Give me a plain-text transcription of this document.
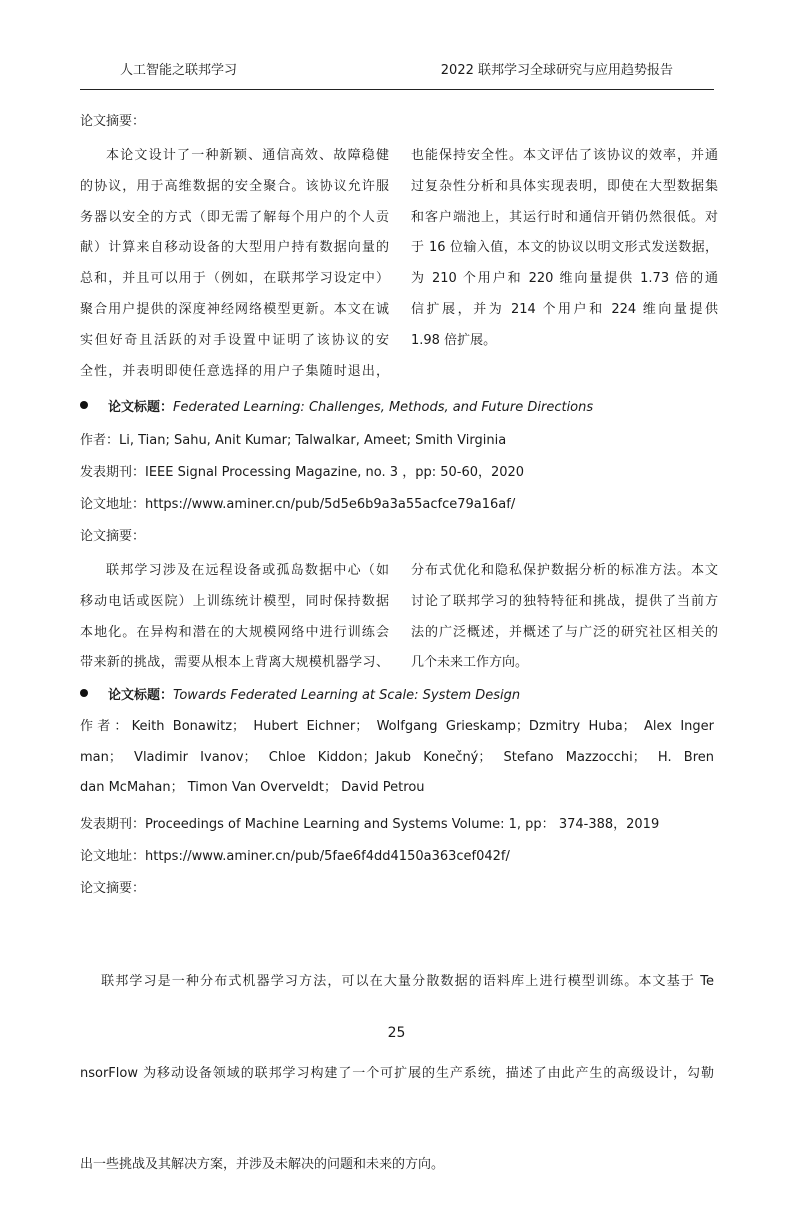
人工智能之联邦学习	2022 联邦学习全球研究与应用趋势报告
论文摘要：

本论文设计了一种新颖、通信高效、故障稳健

的协议，用于高维数据的安全聚合。该协议允许服

务器以安全的方式（即无需了解每个用户的个人贡

献）计算来自移动设备的大型用户持有数据向量的

总和，并且可以用于（例如，在联邦学习设定中）

聚合用户提供的深度神经网络模型更新。本文在诚

实但好奇且活跃的对手设置中证明了该协议的安

全性，并表明即使任意选择的用户子集随时退出，

也能保持安全性。本文评估了该协议的效率，并通

过复杂性分析和具体实现表明，即使在大型数据集

和客户端池上，其运行时和通信开销仍然很低。对

于 16 位输入值，本文的协议以明文形式发送数据，

为 210 个用户和 220 维向量提供 1.73 倍的通

信扩展，并为 214 个用户和 224 维向量提供

1.98 倍扩展。

论文标题：Federated Learning: Challenges, Methods, and Future Directions
作者：Li, Tian; Sahu, Anit Kumar; Talwalkar, Ameet; Smith Virginia
发表期刊：IEEE Signal Processing Magazine, no. 3 ，pp: 50-60，2020
论文地址：https://www.aminer.cn/pub/5d5e6b9a3a55acfce79a16af/
论文摘要：

联邦学习涉及在远程设备或孤岛数据中心（如

移动电话或医院）上训练统计模型，同时保持数据

本地化。在异构和潜在的大规模网络中进行训练会

带来新的挑战，需要从根本上背离大规模机器学习、

分布式优化和隐私保护数据分析的标准方法。本文

讨论了联邦学习的独特特征和挑战，提供了当前方

法的广泛概述，并概述了与广泛的研究社区相关的

几个未来工作方向。

论文标题：Towards Federated Learning at Scale: System Design

作者：Keith Bonawitz； Hubert Eichner； Wolfgang Grieskamp；Dzmitry Huba； Alex Inger

man； Vladimir Ivanov； Chloe Kiddon；Jakub Konečný； Stefano Mazzocchi； H. Bren

dan McMahan； Timon Van Overveldt； David Petrou

发表期刊：Proceedings of Machine Learning and Systems Volume: 1, pp： 374-388，2019
论文地址：https://www.aminer.cn/pub/5fae6f4dd4150a363cef042f/
论文摘要：

联邦学习是一种分布式机器学习方法，可以在大量分散数据的语料库上进行模型训练。本文基于 Te

nsorFlow 为移动设备领域的联邦学习构建了一个可扩展的生产系统，描述了由此产生的高级设计，勾勒

出一些挑战及其解决方案，并涉及未解决的问题和未来的方向。

25
